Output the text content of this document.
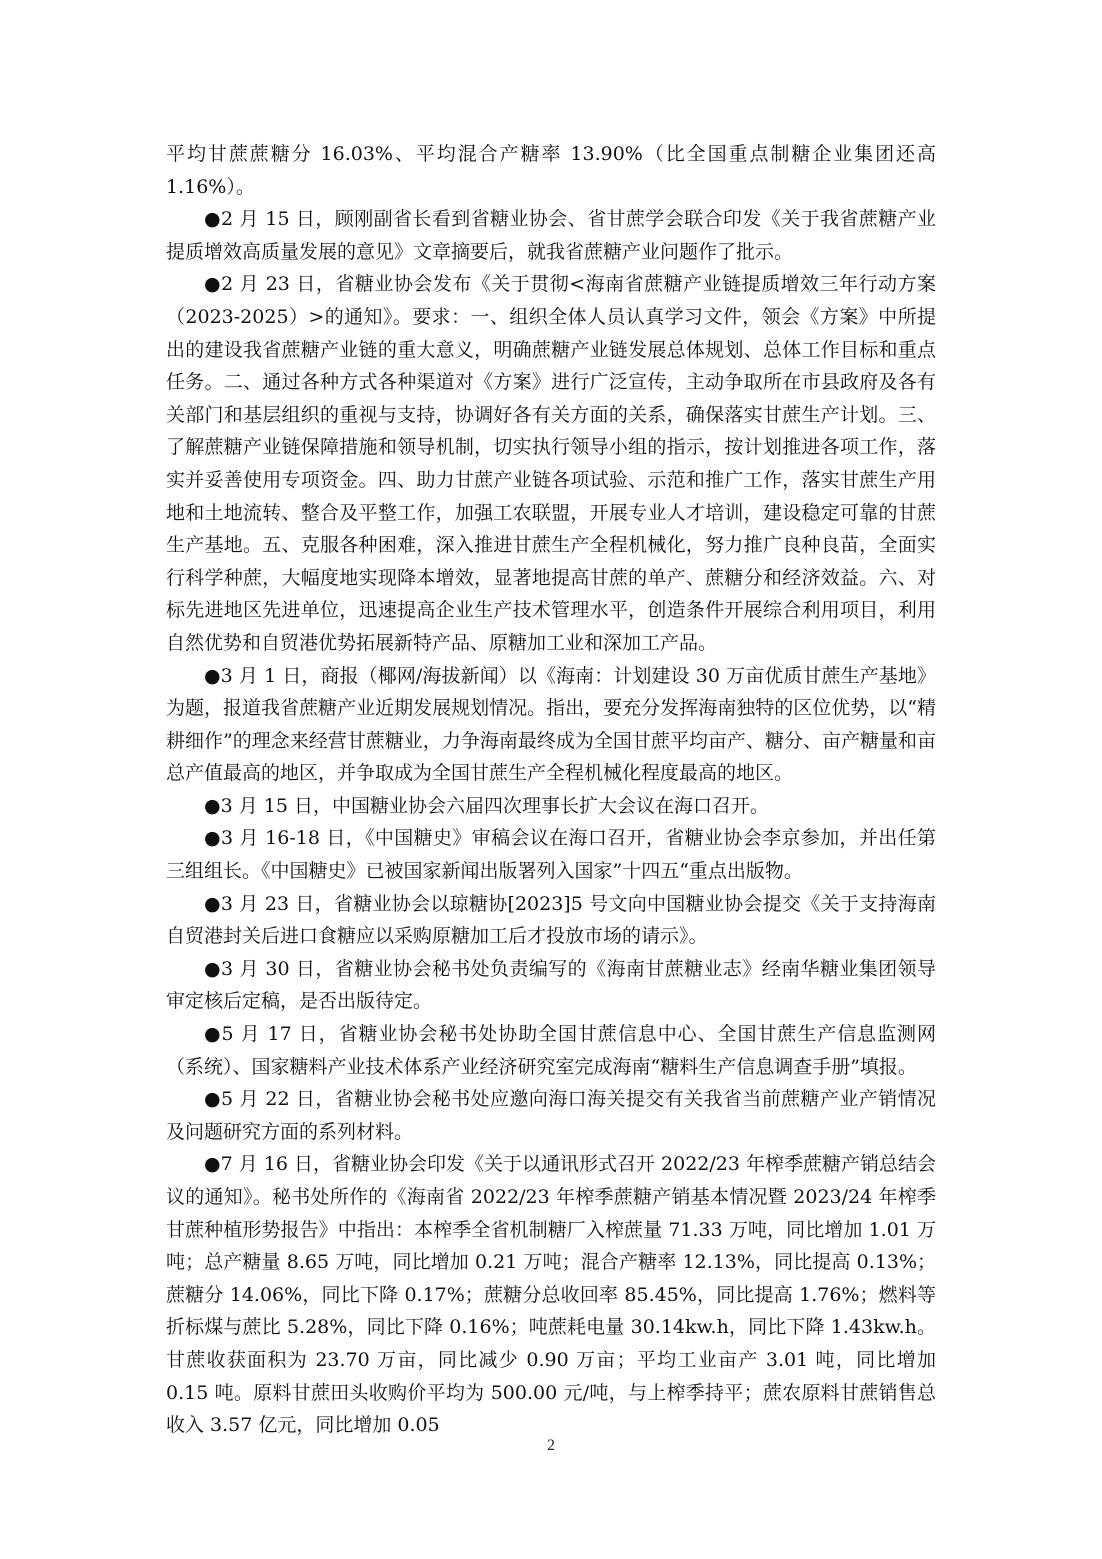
平均甘蔗蔗糖分 16.03%、平均混合产糖率 13.90%（比全国重点制糖企业集团还高 1.16%）。

●2 月 15 日，顾刚副省长看到省糖业协会、省甘蔗学会联合印发《关于我省蔗糖产业提质增效高质量发展的意见》文章摘要后，就我省蔗糖产业问题作了批示。

●2 月 23 日，省糖业协会发布《关于贯彻<海南省蔗糖产业链提质增效三年行动方案（2023-2025）>的通知》。要求：一、组织全体人员认真学习文件，领会《方案》中所提出的建设我省蔗糖产业链的重大意义，明确蔗糖产业链发展总体规划、总体工作目标和重点任务。二、通过各种方式各种渠道对《方案》进行广泛宣传，主动争取所在市县政府及各有关部门和基层组织的重视与支持，协调好各有关方面的关系，确保落实甘蔗生产计划。三、了解蔗糖产业链保障措施和领导机制，切实执行领导小组的指示，按计划推进各项工作，落实并妥善使用专项资金。四、助力甘蔗产业链各项试验、示范和推广工作，落实甘蔗生产用地和土地流转、整合及平整工作，加强工农联盟，开展专业人才培训，建设稳定可靠的甘蔗生产基地。五、克服各种困难，深入推进甘蔗生产全程机械化，努力推广良种良苗，全面实行科学种蔗，大幅度地实现降本增效，显著地提高甘蔗的单产、蔗糖分和经济效益。六、对标先进地区先进单位，迅速提高企业生产技术管理水平，创造条件开展综合利用项目，利用自然优势和自贸港优势拓展新特产品、原糖加工业和深加工产品。

●3 月 1 日，商报（椰网/海拔新闻）以《海南：计划建设 30 万亩优质甘蔗生产基地》为题，报道我省蔗糖产业近期发展规划情况。指出，要充分发挥海南独特的区位优势，以“精耕细作”的理念来经营甘蔗糖业，力争海南最终成为全国甘蔗平均亩产、糖分、亩产糖量和亩总产值最高的地区，并争取成为全国甘蔗生产全程机械化程度最高的地区。

●3 月 15 日，中国糖业协会六届四次理事长扩大会议在海口召开。

●3 月 16-18 日，《中国糖史》审稿会议在海口召开，省糖业协会李京参加，并出任第三组组长。《中国糖史》已被国家新闻出版署列入国家”十四五“重点出版物。

●3 月 23 日，省糖业协会以琼糖协[2023]5 号文向中国糖业协会提交《关于支持海南自贸港封关后进口食糖应以采购原糖加工后才投放市场的请示》。

●3 月 30 日，省糖业协会秘书处负责编写的《海南甘蔗糖业志》经南华糖业集团领导审定核后定稿，是否出版待定。

●5 月 17 日，省糖业协会秘书处协助全国甘蔗信息中心、全国甘蔗生产信息监测网（系统）、国家糖料产业技术体系产业经济研究室完成海南“糖料生产信息调查手册”填报。

●5 月 22 日，省糖业协会秘书处应邀向海口海关提交有关我省当前蔗糖产业产销情况及问题研究方面的系列材料。

●7 月 16 日，省糖业协会印发《关于以通讯形式召开 2022/23 年榨季蔗糖产销总结会议的通知》。秘书处所作的《海南省 2022/23 年榨季蔗糖产销基本情况暨 2023/24 年榨季甘蔗种植形势报告》中指出：本榨季全省机制糖厂入榨蔗量 71.33 万吨，同比增加 1.01 万吨；总产糖量 8.65 万吨，同比增加 0.21 万吨；混合产糖率 12.13%，同比提高 0.13%；蔗糖分 14.06%，同比下降 0.17%；蔗糖分总收回率 85.45%，同比提高 1.76%；燃料等折标煤与蔗比 5.28%，同比下降 0.16%；吨蔗耗电量 30.14kw.h，同比下降 1.43kw.h。甘蔗收获面积为 23.70 万亩，同比减少 0.90 万亩；平均工业亩产 3.01 吨，同比增加 0.15 吨。原料甘蔗田头收购价平均为 500.00 元/吨，与上榨季持平；蔗农原料甘蔗销售总收入 3.57 亿元，同比增加 0.05

2
